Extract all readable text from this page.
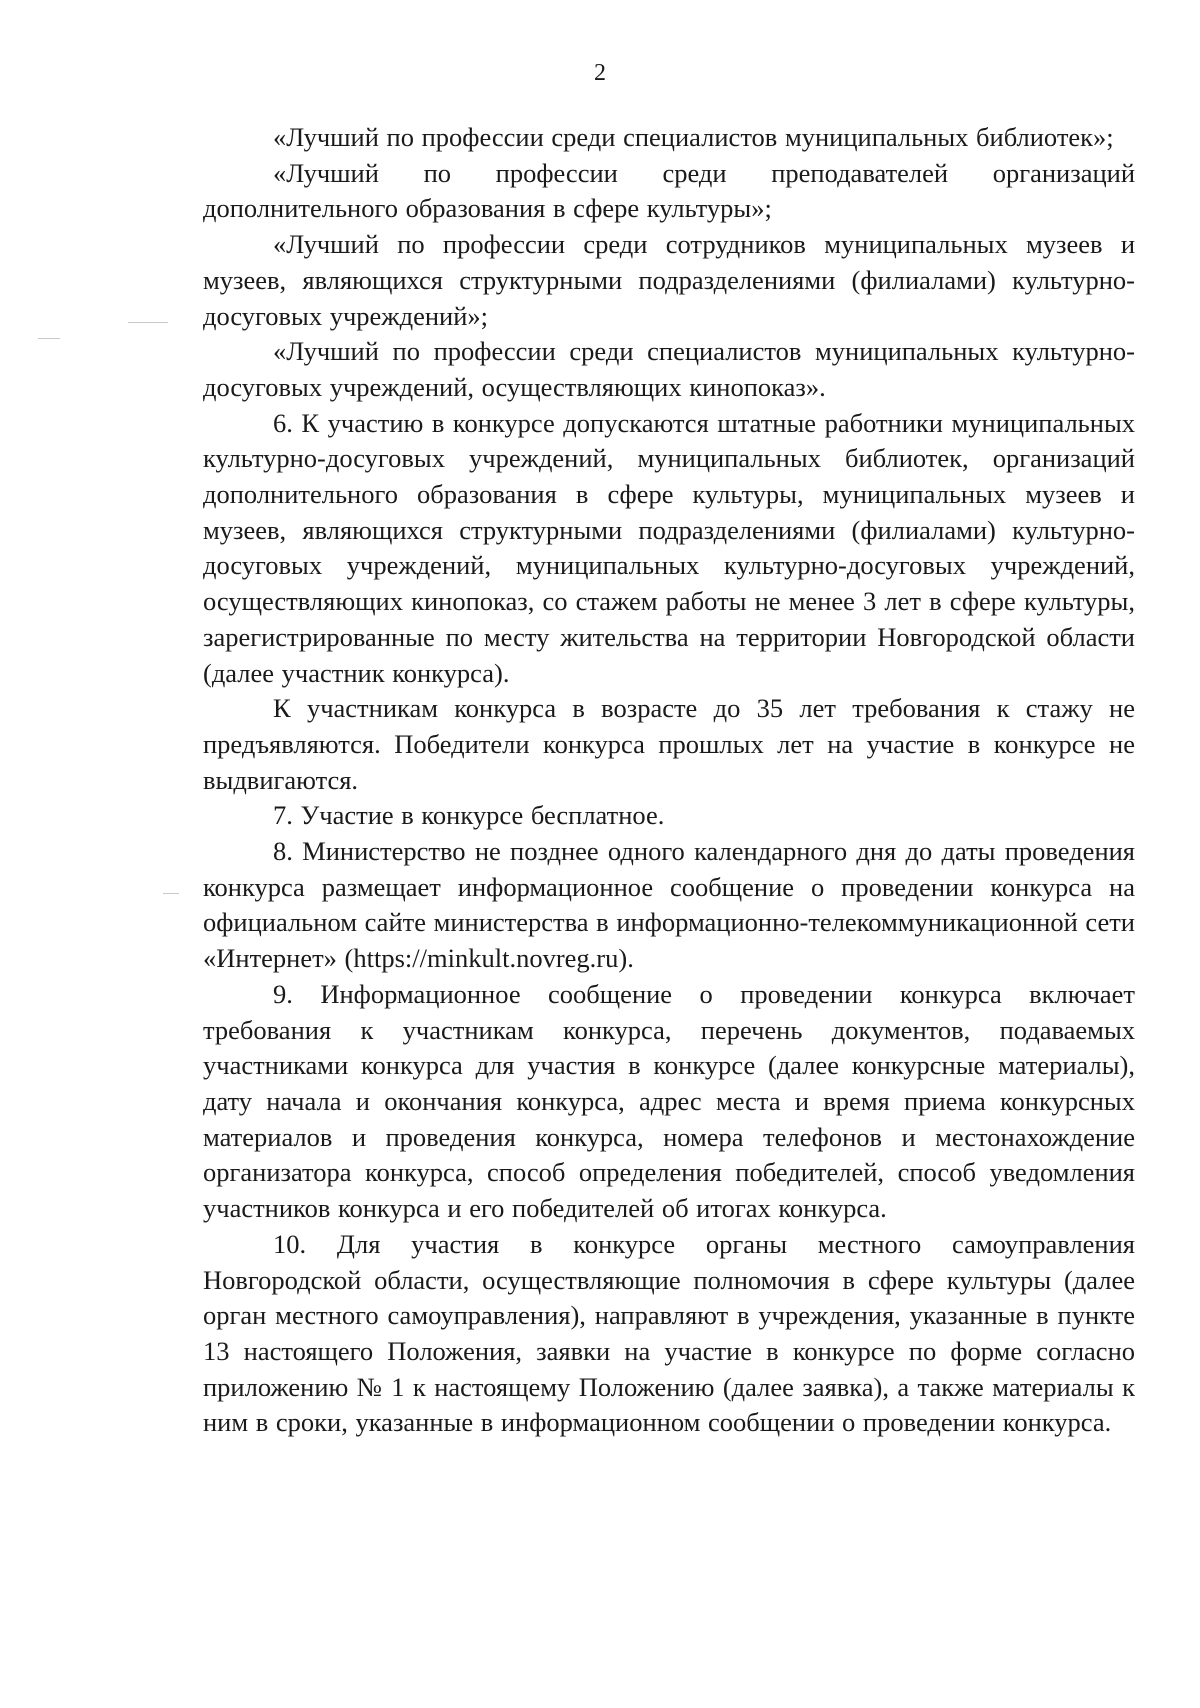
2

«Лучший по профессии среди специалистов муниципальных библиотек»;

«Лучший по профессии среди преподавателей организаций дополнительного образования в сфере культуры»;

«Лучший по профессии среди сотрудников муниципальных музеев и музеев, являющихся структурными подразделениями (филиалами) культурно-досуговых учреждений»;

«Лучший по профессии среди специалистов муниципальных культурно-досуговых учреждений, осуществляющих кинопоказ».

6. К участию в конкурсе допускаются штатные работники муниципальных культурно-досуговых учреждений, муниципальных библиотек, организаций дополнительного образования в сфере культуры, муниципальных музеев и музеев, являющихся структурными подразделениями (филиалами) культурно-досуговых учреждений, муниципальных культурно-досуговых учреждений, осуществляющих кинопоказ, со стажем работы не менее 3 лет в сфере культуры, зарегистрированные по месту жительства на территории Новгородской области (далее участник конкурса).

К участникам конкурса в возрасте до 35 лет требования к стажу не предъявляются. Победители конкурса прошлых лет на участие в конкурсе не выдвигаются.

7. Участие в конкурсе бесплатное.

8. Министерство не позднее одного календарного дня до даты проведения конкурса размещает информационное сообщение о проведении конкурса на официальном сайте министерства в информационно-телекоммуникационной сети «Интернет» (https://minkult.novreg.ru).

9. Информационное сообщение о проведении конкурса включает требования к участникам конкурса, перечень документов, подаваемых участниками конкурса для участия в конкурсе (далее конкурсные материалы), дату начала и окончания конкурса, адрес места и время приема конкурсных материалов и проведения конкурса, номера телефонов и местонахождение организатора конкурса, способ определения победителей, способ уведомления участников конкурса и его победителей об итогах конкурса.

10. Для участия в конкурсе органы местного самоуправления Новгородской области, осуществляющие полномочия в сфере культуры (далее орган местного самоуправления), направляют в учреждения, указанные в пункте 13 настоящего Положения, заявки на участие в конкурсе по форме согласно приложению № 1 к настоящему Положению (далее заявка), а также материалы к ним в сроки, указанные в информационном сообщении о проведении конкурса.
